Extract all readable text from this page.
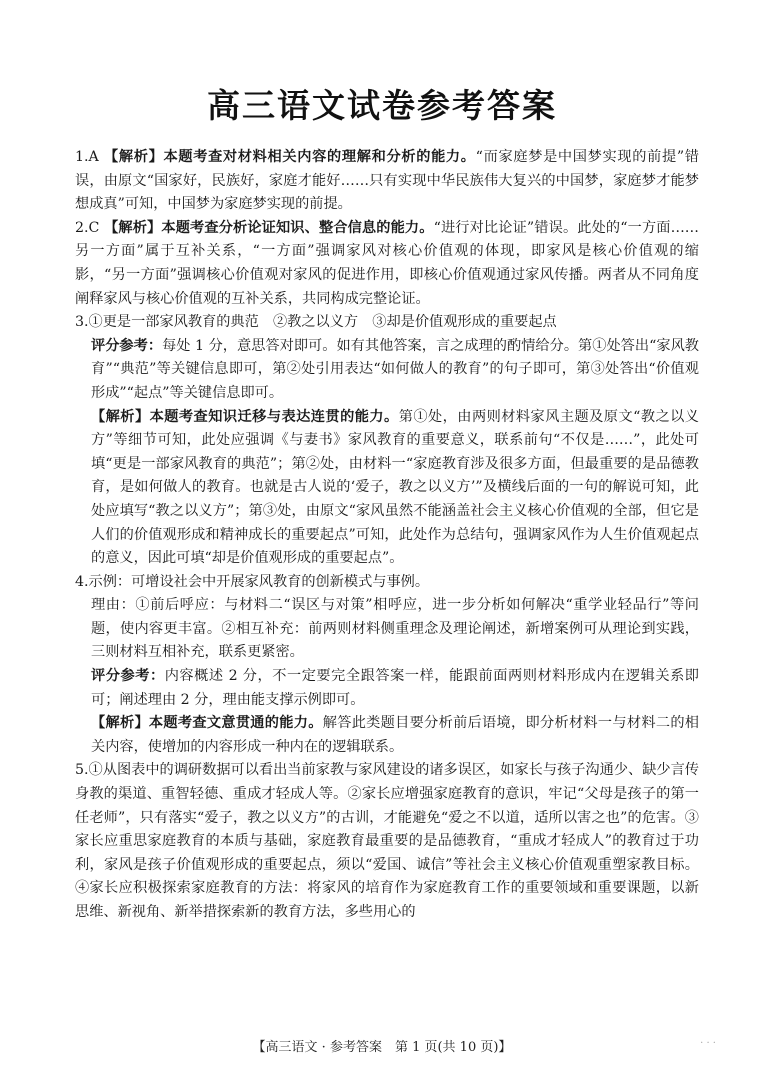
高三语文试卷参考答案

1.A 【解析】本题考查对材料相关内容的理解和分析的能力。“而家庭梦是中国梦实现的前提”错误，由原文“国家好，民族好，家庭才能好……只有实现中华民族伟大复兴的中国梦，家庭梦才能梦想成真”可知，中国梦为家庭梦实现的前提。

2.C 【解析】本题考查分析论证知识、整合信息的能力。“进行对比论证”错误。此处的“一方面……另一方面”属于互补关系，“一方面”强调家风对核心价值观的体现，即家风是核心价值观的缩影，“另一方面”强调核心价值观对家风的促进作用，即核心价值观通过家风传播。两者从不同角度阐释家风与核心价值观的互补关系，共同构成完整论证。

3.①更是一部家风教育的典范　②教之以义方　③却是价值观形成的重要起点

评分参考：每处 1 分，意思答对即可。如有其他答案，言之成理的酌情给分。第①处答出“家风教育”“典范”等关键信息即可，第②处引用表达“如何做人的教育”的句子即可，第③处答出“价值观形成”“起点”等关键信息即可。

【解析】本题考查知识迁移与表达连贯的能力。第①处，由两则材料家风主题及原文“教之以义方”等细节可知，此处应强调《与妻书》家风教育的重要意义，联系前句“不仅是……”，此处可填“更是一部家风教育的典范”；第②处，由材料一“家庭教育涉及很多方面，但最重要的是品德教育，是如何做人的教育。也就是古人说的‘爱子，教之以义方’”及横线后面的一句的解说可知，此处应填写“教之以义方”；第③处，由原文“家风虽然不能涵盖社会主义核心价值观的全部，但它是人们的价值观形成和精神成长的重要起点”可知，此处作为总结句，强调家风作为人生价值观起点的意义，因此可填“却是价值观形成的重要起点”。

4.示例：可增设社会中开展家风教育的创新模式与事例。

理由：①前后呼应：与材料二“误区与对策”相呼应，进一步分析如何解决“重学业轻品行”等问题，使内容更丰富。②相互补充：前两则材料侧重理念及理论阐述，新增案例可从理论到实践，三则材料互相补充，联系更紧密。

评分参考：内容概述 2 分，不一定要完全跟答案一样，能跟前面两则材料形成内在逻辑关系即可；阐述理由 2 分，理由能支撑示例即可。

【解析】本题考查文意贯通的能力。解答此类题目要分析前后语境，即分析材料一与材料二的相关内容，使增加的内容形成一种内在的逻辑联系。

5.①从图表中的调研数据可以看出当前家教与家风建设的诸多误区，如家长与孩子沟通少、缺少言传身教的渠道、重智轻德、重成才轻成人等。②家长应增强家庭教育的意识，牢记“父母是孩子的第一任老师”，只有落实“爱子，教之以义方”的古训，才能避免“爱之不以道，适所以害之也”的危害。③家长应重思家庭教育的本质与基础，家庭教育最重要的是品德教育，“重成才轻成人”的教育过于功利，家风是孩子价值观形成的重要起点，须以“爱国、诚信”等社会主义核心价值观重塑家教目标。④家长应积极探索家庭教育的方法：将家风的培育作为家庭教育工作的重要领域和重要课题，以新思维、新视角、新举措探索新的教育方法，多些用心的

【高三语文 · 参考答案　第 1 页(共 10 页)】	· · ·
